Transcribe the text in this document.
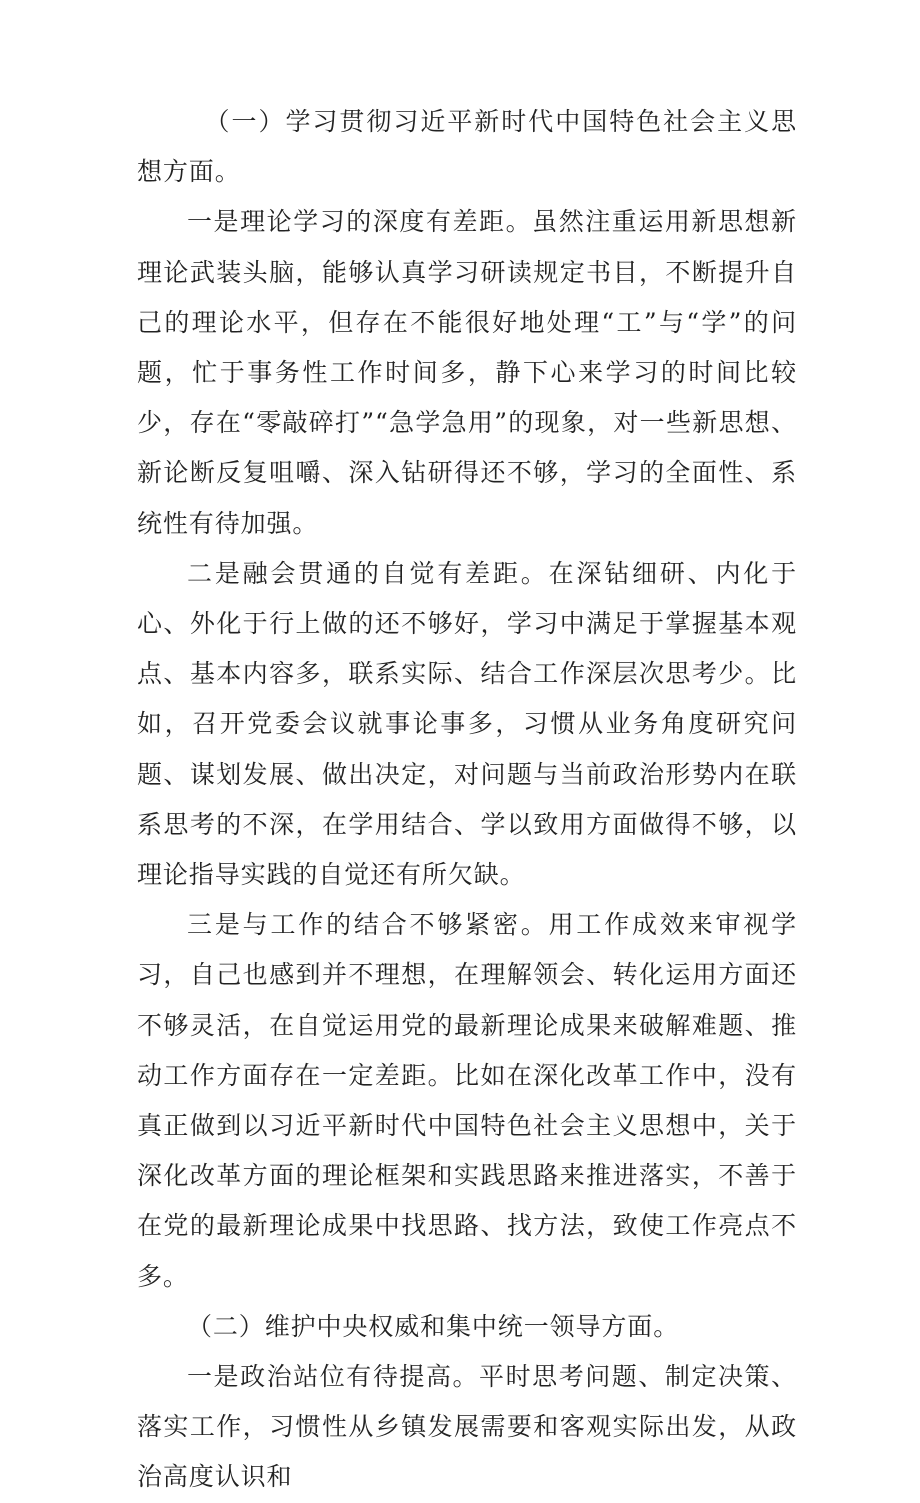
（一）学习贯彻习近平新时代中国特色社会主义思想方面。

一是理论学习的深度有差距。虽然注重运用新思想新理论武装头脑，能够认真学习研读规定书目，不断提升自己的理论水平，但存在不能很好地处理“工”与“学”的问题，忙于事务性工作时间多，静下心来学习的时间比较少，存在“零敲碎打”“急学急用”的现象，对一些新思想、新论断反复咀嚼、深入钻研得还不够，学习的全面性、系统性有待加强。

二是融会贯通的自觉有差距。在深钻细研、内化于心、外化于行上做的还不够好，学习中满足于掌握基本观点、基本内容多，联系实际、结合工作深层次思考少。比如，召开党委会议就事论事多，习惯从业务角度研究问题、谋划发展、做出决定，对问题与当前政治形势内在联系思考的不深，在学用结合、学以致用方面做得不够，以理论指导实践的自觉还有所欠缺。

三是与工作的结合不够紧密。用工作成效来审视学习，自己也感到并不理想，在理解领会、转化运用方面还不够灵活，在自觉运用党的最新理论成果来破解难题、推动工作方面存在一定差距。比如在深化改革工作中，没有真正做到以习近平新时代中国特色社会主义思想中，关于深化改革方面的理论框架和实践思路来推进落实，不善于在党的最新理论成果中找思路、找方法，致使工作亮点不多。

（二）维护中央权威和集中统一领导方面。

一是政治站位有待提高。平时思考问题、制定决策、落实工作，习惯性从乡镇发展需要和客观实际出发，从政治高度认识和
